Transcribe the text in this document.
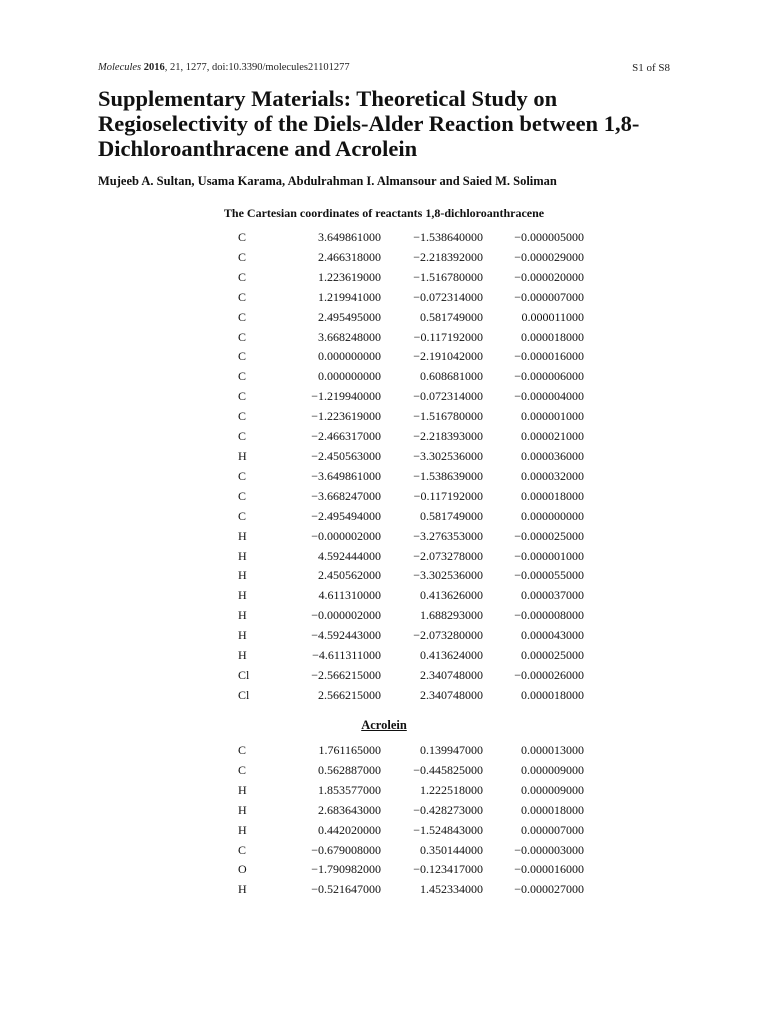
Molecules 2016, 21, 1277, doi:10.3390/molecules21101277	S1 of S8
Supplementary Materials: Theoretical Study on Regioselectivity of the Diels-Alder Reaction between 1,8-Dichloroanthracene and Acrolein

Mujeeb A. Sultan, Usama Karama, Abdulrahman I. Almansour and Saied M. Soliman

The Cartesian coordinates of reactants 1,8-dichloroanthracene

C	3.649861000	−1.538640000	−0.000005000
C	2.466318000	−2.218392000	−0.000029000
C	1.223619000	−1.516780000	−0.000020000
C	1.219941000	−0.072314000	−0.000007000
C	2.495495000	0.581749000	0.000011000
C	3.668248000	−0.117192000	0.000018000
C	0.000000000	−2.191042000	−0.000016000
C	0.000000000	0.608681000	−0.000006000
C	−1.219940000	−0.072314000	−0.000004000
C	−1.223619000	−1.516780000	0.000001000
C	−2.466317000	−2.218393000	0.000021000
H	−2.450563000	−3.302536000	0.000036000
C	−3.649861000	−1.538639000	0.000032000
C	−3.668247000	−0.117192000	0.000018000
C	−2.495494000	0.581749000	0.000000000
H	−0.000002000	−3.276353000	−0.000025000
H	4.592444000	−2.073278000	−0.000001000
H	2.450562000	−3.302536000	−0.000055000
H	4.611310000	0.413626000	0.000037000
H	−0.000002000	1.688293000	−0.000008000
H	−4.592443000	−2.073280000	0.000043000
H	−4.611311000	0.413624000	0.000025000
Cl	−2.566215000	2.340748000	−0.000026000
Cl	2.566215000	2.340748000	0.000018000

Acrolein

C	1.761165000	0.139947000	0.000013000
C	0.562887000	−0.445825000	0.000009000
H	1.853577000	1.222518000	0.000009000
H	2.683643000	−0.428273000	0.000018000
H	0.442020000	−1.524843000	0.000007000
C	−0.679008000	0.350144000	−0.000003000
O	−1.790982000	−0.123417000	−0.000016000
H	−0.521647000	1.452334000	−0.000027000
